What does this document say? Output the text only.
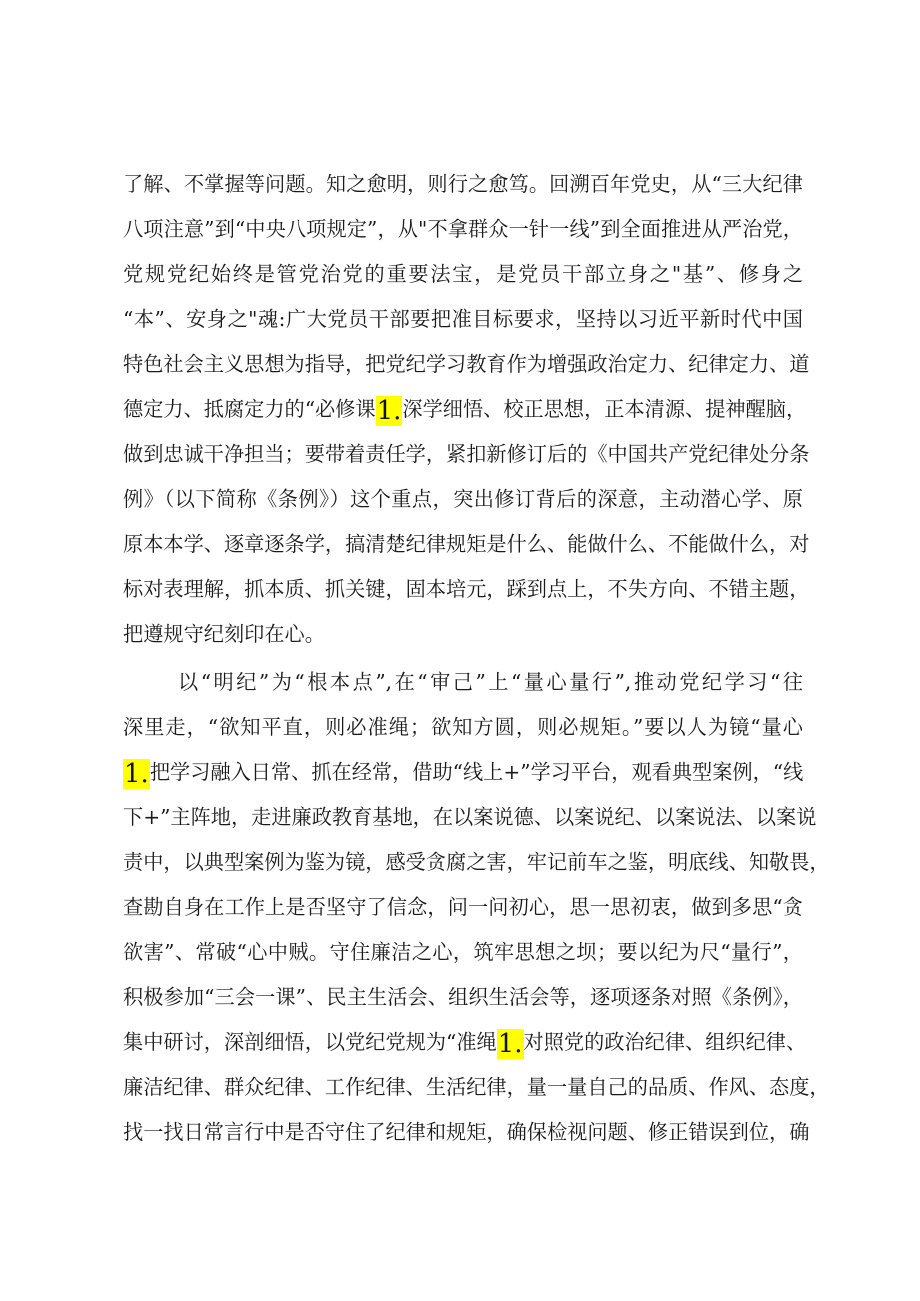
了解、不掌握等问题。知之愈明，则行之愈笃。回溯百年党史，从“三大纪律
八项注意”到“中央八项规定”，从"不拿群众一针一线”到全面推进从严治党，
党规党纪始终是管党治党的重要法宝，是党员干部立身之"基”、修身之
“本”、安身之"魂:广大党员干部要把准目标要求，坚持以习近平新时代中国
特色社会主义思想为指导，把党纪学习教育作为增强政治定力、纪律定力、道
德定力、抵腐定力的“必修课1.深学细悟、校正思想，正本清源、提神醒脑，
做到忠诚干净担当；要带着责任学，紧扣新修订后的《中国共产党纪律处分条
例》（以下简称《条例》）这个重点，突出修订背后的深意，主动潜心学、原
原本本学、逐章逐条学，搞清楚纪律规矩是什么、能做什么、不能做什么，对
标对表理解，抓本质、抓关键，固本培元，踩到点上，不失方向、不错主题，
把遵规守纪刻印在心。
以“明纪”为“根本点”,在“审己”上“量心量行”,推动党纪学习“往
深里走，“欲知平直，则必准绳；欲知方圆，则必规矩。”要以人为镜“量心
1.把学习融入日常、抓在经常，借助“线上+”学习平台，观看典型案例，“线
下+”主阵地，走进廉政教育基地，在以案说德、以案说纪、以案说法、以案说
责中，以典型案例为鉴为镜，感受贪腐之害，牢记前车之鉴，明底线、知敬畏，
查勘自身在工作上是否坚守了信念，问一问初心，思一思初衷，做到多思“贪
欲害”、常破“心中贼。守住廉洁之心，筑牢思想之坝；要以纪为尺“量行”，
积极参加“三会一课”、民主生活会、组织生活会等，逐项逐条对照《条例》，
集中研讨，深剖细悟，以党纪党规为“准绳1.对照党的政治纪律、组织纪律、
廉洁纪律、群众纪律、工作纪律、生活纪律，量一量自己的品质、作风、态度，
找一找日常言行中是否守住了纪律和规矩，确保检视问题、修正错误到位，确
